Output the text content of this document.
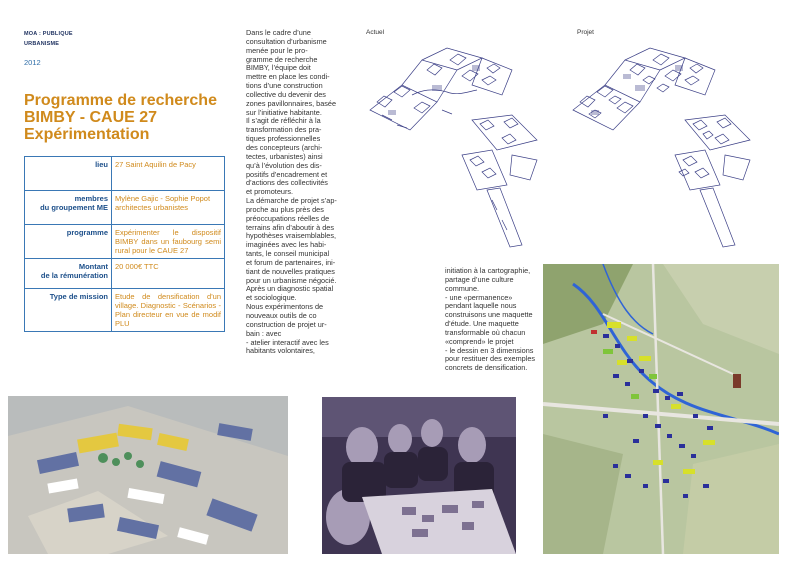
MOA : PUBLIQUE
URBANISME
2012
Programme de recherche
BIMBY - CAUE 27
Expérimentation
lieu	27 Saint Aquilin de Pacy
membres
du groupement ME	Mylène Gajic - Sophie Popot
architectes urbanistes
programme	Expérimenter le dispositif BIMBY dans un faubourg semi rural pour le CAUE 27
Montant
de la rémunération	20 000€ TTC
Type de mission	Etude de densification d'un village. Diagnostic - Scénarios - Plan directeur en vue de modif PLU
Dans le cadre d’une
consultation d’urbanisme
menée pour le pro-
gramme de recherche
BIMBY, l’équipe doit
mettre en place les condi-
tions d’une construction
collective du devenir des
zones pavillonnaires, basée
sur l’initiative habitante.
Il s’agit de réfléchir à la
transformation des pra-
tiques professionnelles
des concepteurs (archi-
tectes, urbanistes) ainsi
qu’à l’évolution des dis-
positifs d’encadrement et
d’actions des collectivités
et promoteurs.
La démarche de projet s’ap-
proche au plus près des
préoccupations réelles de
terrains afin d’aboutir à des
hypothèses vraisemblables,
imaginées avec les habi-
tants, le conseil municipal
et forum de partenaires, ini-
tiant de nouvelles pratiques
pour un urbanisme négocié.
Après un diagnostic spatial
et sociologique.
Nous expérimentons de
nouveaux outils de co
construction de projet ur-
bain : avec
- atelier interactif avec les
habitants volontaires,
initiation à la cartographie,
partage d’une culture
commune.
- une «permanence»
pendant laquelle nous
construisons une maquette
d’étude. Une maquette
transformable où chacun
«comprend» le projet
- le dessin en 3 dimensions
pour restituer des exemples
concrets de densification.
Actuel	Projet
